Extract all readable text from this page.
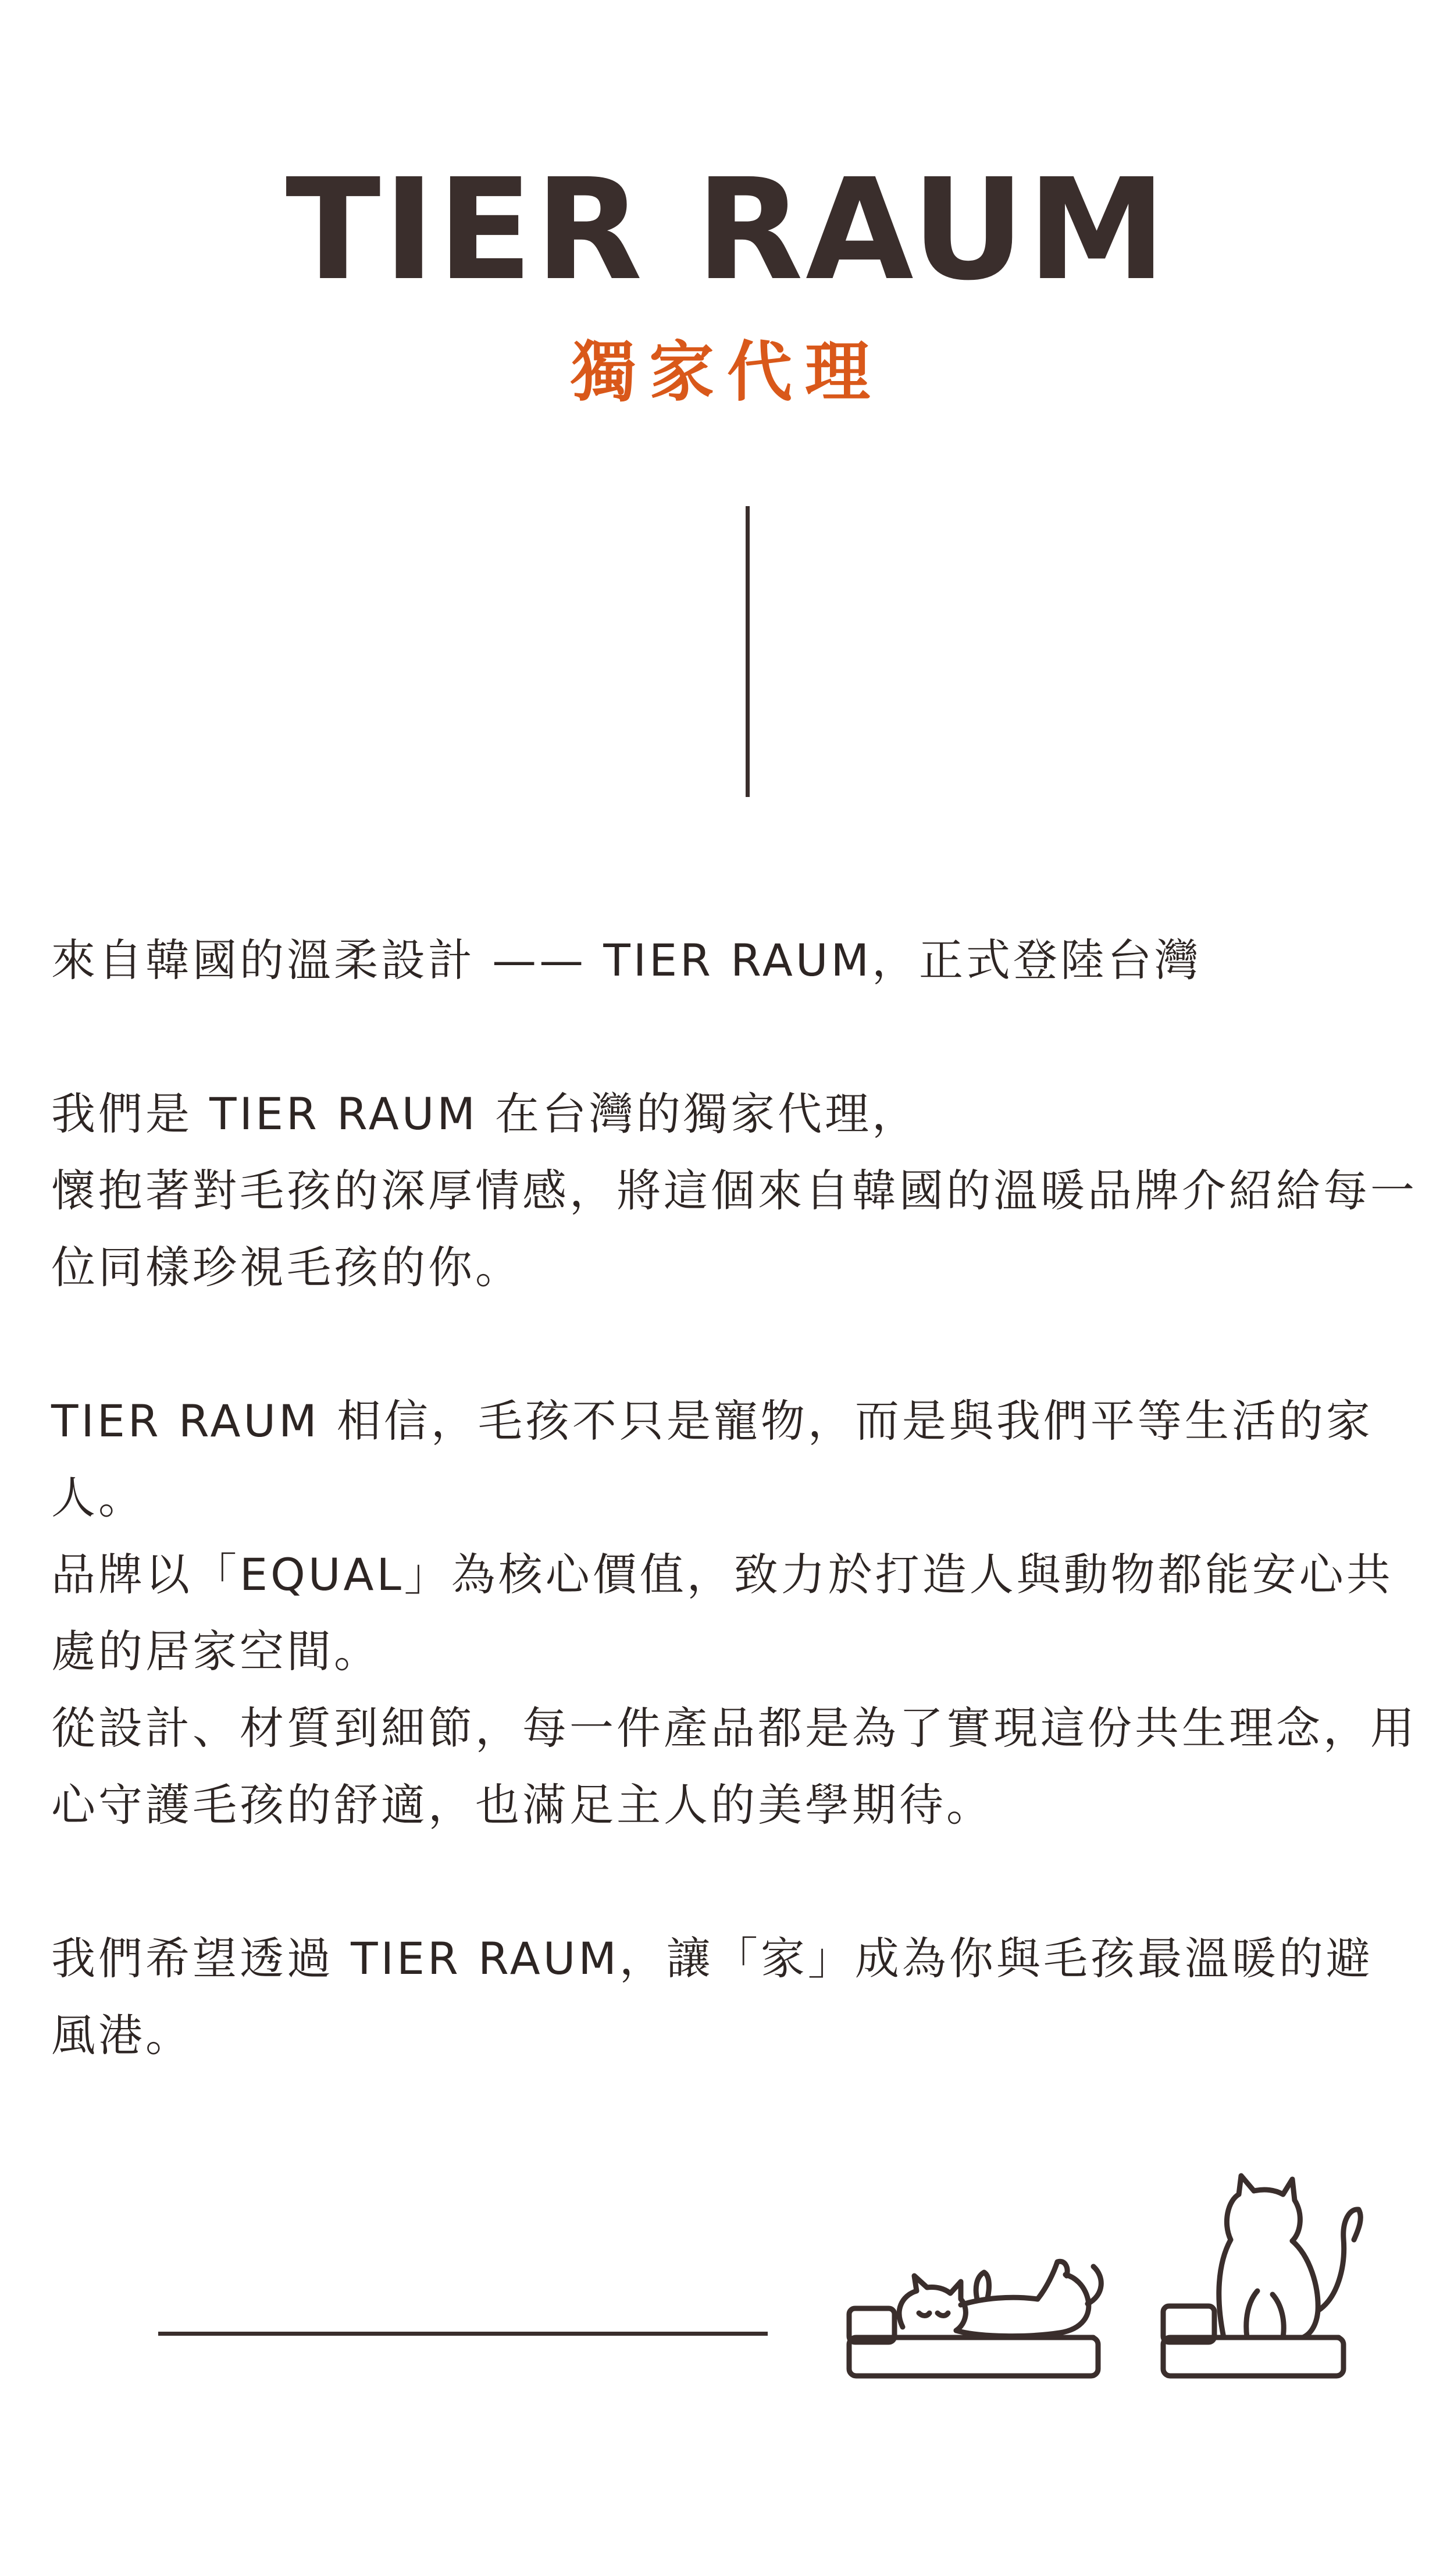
TIER RAUM
獨家代理

來自韓國的溫柔設計 —— TIER RAUM，正式登陸台灣

我們是 TIER RAUM 在台灣的獨家代理，
懷抱著對毛孩的深厚情感，將這個來自韓國的溫暖品牌介紹給每一位同樣珍視毛孩的你。

TIER RAUM 相信，毛孩不只是寵物，而是與我們平等生活的家人。
品牌以「EQUAL」為核心價值，致力於打造人與動物都能安心共處的居家空間。
從設計、材質到細節，每一件產品都是為了實現這份共生理念，用心守護毛孩的舒適，也滿足主人的美學期待。

我們希望透過 TIER RAUM，讓「家」成為你與毛孩最溫暖的避風港。
